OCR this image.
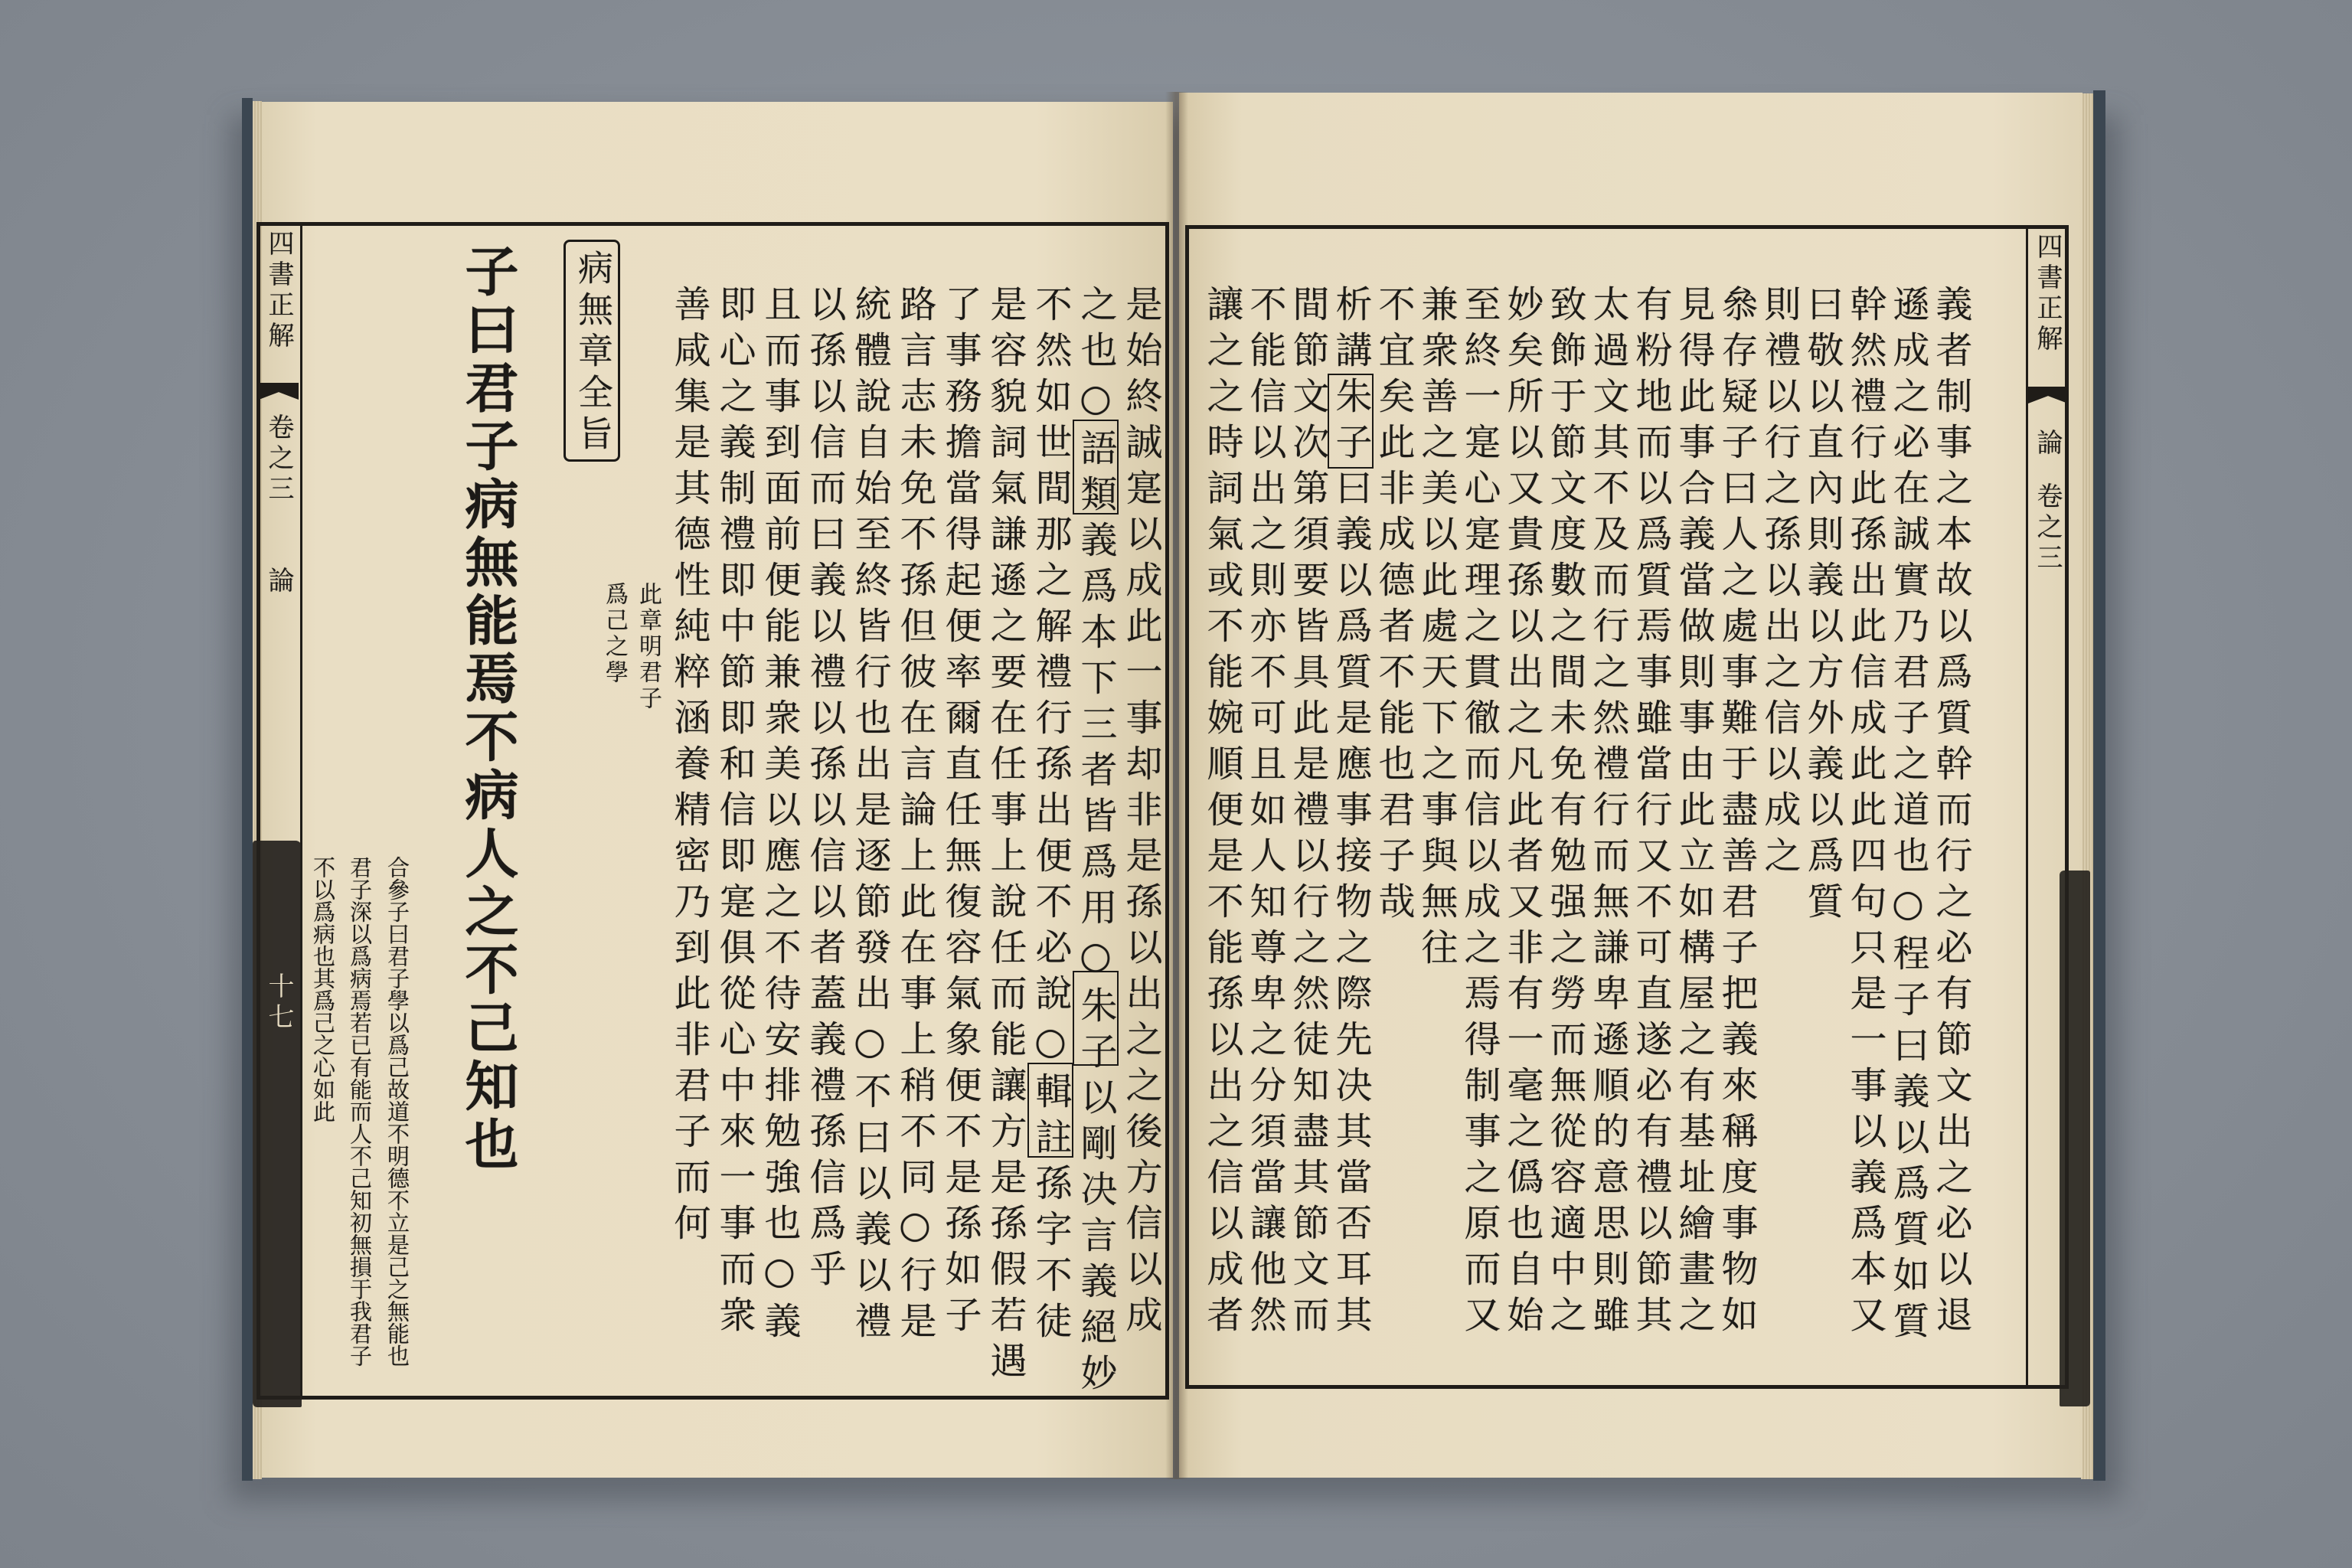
四書正解
卷之三
論
十七
四書正解
論
卷之三
義者制事之本故以爲質幹而行之必有節文出之必以退
遜成之必在誠實乃君子之道也○程子曰義以爲質如質
幹然禮行此孫出此信成此此四句只是一事以義爲本又
曰敬以直內則義以方外義以爲質
則禮以行之孫以出之信以成之
叅存疑子曰人之處事難于盡善君子把義來稱度事物如
見得此事合義當做則事由此立如構屋之有基址繪畫之
有粉地而以爲質焉事雖當行又不可直遂必有禮以節其
太過文其不及而行之然禮行而無謙卑遜順的意思則雖
致飾于節文度數之間未免有勉强之勞而無從容適中之
妙矣所以又貴孫以出之凡此者又非有一毫之僞也自始
至終一寔心寔理之貫徹而信以成之焉得制事之原而又
兼衆善之美以此處天下之事與無往
不宜矣此非成德者不能也君子哉
析講朱子曰義以爲質是應事接物之際先决其當否耳其
間節文次第須要皆具此是禮以行之然徒知盡其節文而
不能信以出之則亦不可且如人知尊卑之分須當讓他然
讓之之時詞氣或不能婉順便是不能孫以出之信以成者
是始終誠寔以成此一事却非是孫以出之之後方信以成
之也○語類義爲本下三者皆爲用○朱子以剛决言義絕妙
不然如世間那之解禮行孫出便不必說○輯註孫字不徒
是容貌詞氣謙遜之要在任事上說任而能讓方是孫假若遇
了事務擔當得起便率爾直任無復容氣象便不是孫如子
路言志未免不孫但彼在言論上此在事上稍不同○行是
統體說自始至終皆行也出是逐節發出○不曰以義以禮
以孫以信而曰義以禮以孫以信以者蓋義禮孫信爲乎
且而事到面前便能兼衆美以應之不待安排勉強也○義
即心之義制禮即中節即和信即寔俱從心中來一事而衆
善咸集是其德性純粹涵養精密乃到此非君子而何
病無章全旨
此章明君子
爲己之學
子曰君子病無能焉不病人之不己知也
合參子曰君子學以爲己故道不明德不立是己之無能也
君子深以爲病焉若已有能而人不己知初無損于我君子
不以爲病也其爲己之心如此
